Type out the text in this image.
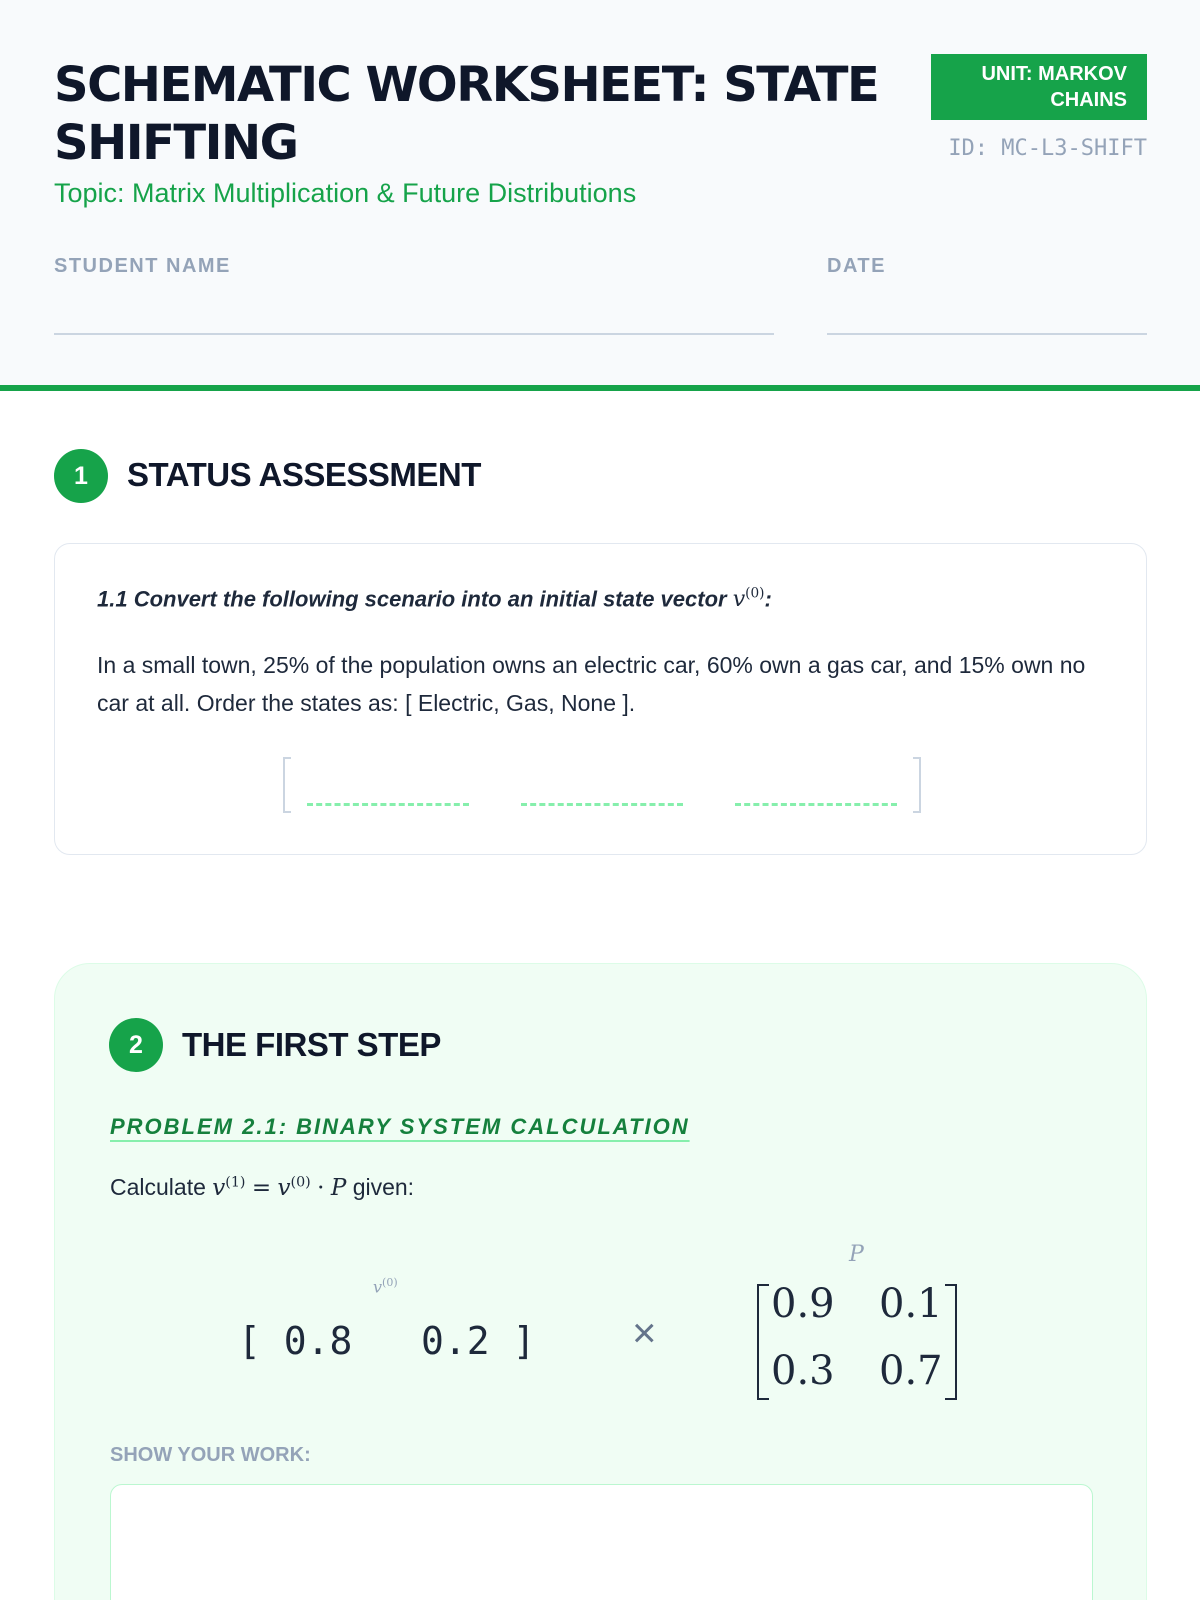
SCHEMATIC WORKSHEET: STATE SHIFTING
Topic: Matrix Multiplication & Future Distributions
UNIT: MARKOV CHAINS
ID: MC-L3-SHIFT
STUDENT NAME	DATE
1	STATUS ASSESSMENT
1.1 Convert the following scenario into an initial state vector $v^{(0)}$:
In a small town, 25% of the population owns an electric car, 60% own a gas car, and 15% own no car at all. Order the states as: [ Electric, Gas, None ].
2	THE FIRST STEP
PROBLEM 2.1: BINARY SYSTEM CALCULATION
Calculate $v^{(1)} = v^{(0)} \cdot P$ given:
$v^{(0)}$
[ 0.8 0.2 ] ×
P
0.9 0.1
0.3 0.7
SHOW YOUR WORK:
